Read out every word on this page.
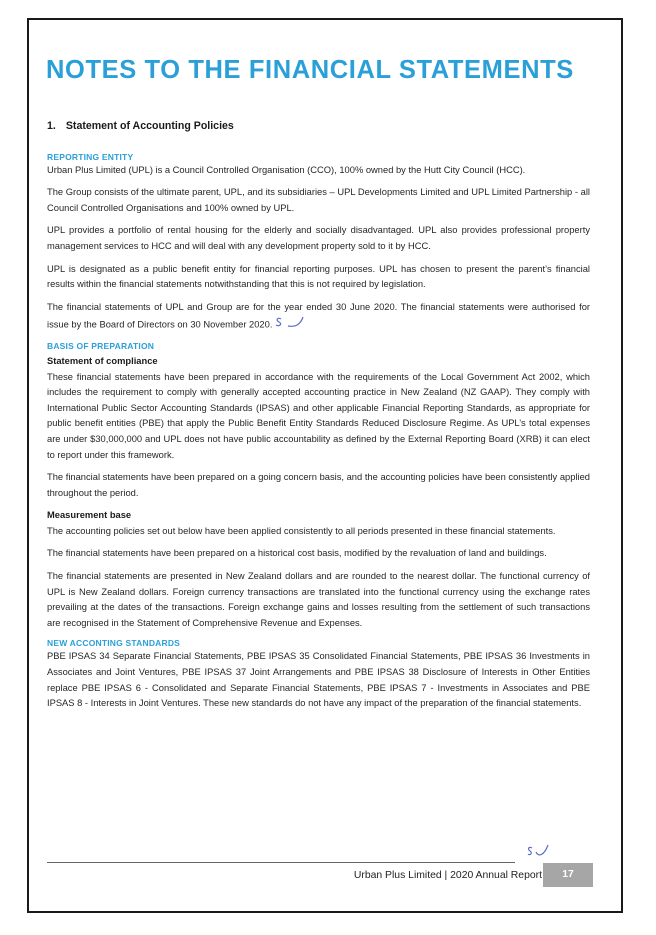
NOTES TO THE FINANCIAL STATEMENTS
1. Statement of Accounting Policies
REPORTING ENTITY

Urban Plus Limited (UPL) is a Council Controlled Organisation (CCO), 100% owned by the Hutt City Council (HCC).

The Group consists of the ultimate parent, UPL, and its subsidiaries – UPL Developments Limited and UPL Limited Partnership - all Council Controlled Organisations and 100% owned by UPL.

UPL provides a portfolio of rental housing for the elderly and socially disadvantaged. UPL also provides professional property management services to HCC and will deal with any development property sold to it by HCC.

UPL is designated as a public benefit entity for financial reporting purposes. UPL has chosen to present the parent’s financial results within the financial statements notwithstanding that this is not required by legislation.

The financial statements of UPL and Group are for the year ended 30 June 2020. The financial statements were authorised for issue by the Board of Directors on 30 November 2020.

BASIS OF PREPARATION
Statement of compliance

These financial statements have been prepared in accordance with the requirements of the Local Government Act 2002, which includes the requirement to comply with generally accepted accounting practice in New Zealand (NZ GAAP). They comply with International Public Sector Accounting Standards (IPSAS) and other applicable Financial Reporting Standards, as appropriate for public benefit entities (PBE) that apply the Public Benefit Entity Standards Reduced Disclosure Regime. As UPL’s total expenses are under $30,000,000 and UPL does not have public accountability as defined by the External Reporting Board (XRB) it can elect to report under this framework.

The financial statements have been prepared on a going concern basis, and the accounting policies have been consistently applied throughout the period.

Measurement base

The accounting policies set out below have been applied consistently to all periods presented in these financial statements.

The financial statements have been prepared on a historical cost basis, modified by the revaluation of land and buildings.

The financial statements are presented in New Zealand dollars and are rounded to the nearest dollar. The functional currency of UPL is New Zealand dollars. Foreign currency transactions are translated into the functional currency using the exchange rates prevailing at the dates of the transactions. Foreign exchange gains and losses resulting from the settlement of such transactions are recognised in the Statement of Comprehensive Revenue and Expenses.

NEW ACCONTING STANDARDS

PBE IPSAS 34 Separate Financial Statements, PBE IPSAS 35 Consolidated Financial Statements, PBE IPSAS 36 Investments in Associates and Joint Ventures, PBE IPSAS 37 Joint Arrangements and PBE IPSAS 38 Disclosure of Interests in Other Entities replace PBE IPSAS 6 - Consolidated and Separate Financial Statements, PBE IPSAS 7 - Investments in Associates and PBE IPSAS 8 - Interests in Joint Ventures. These new standards do not have any impact of the preparation of the financial statements.

Urban Plus Limited | 2020 Annual Report	17
